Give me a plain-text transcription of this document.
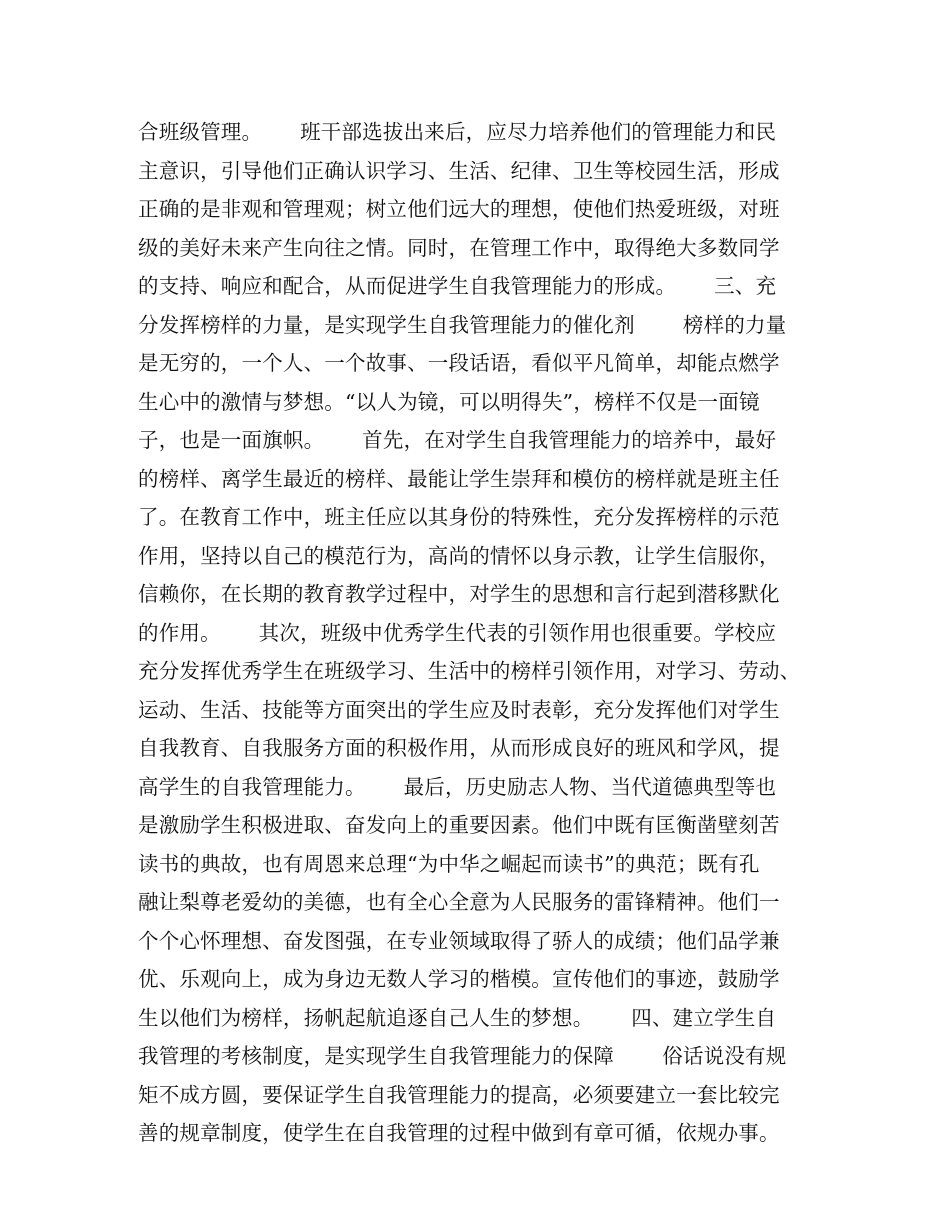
合班级管理。　　 班干部选拔出来后，应尽力培养他们的管理能力和民
主意识，引导他们正确认识学习、生活、纪律、卫生等校园生活，形成
正确的是非观和管理观；树立他们远大的理想，使他们热爱班级，对班
级的美好未来产生向往之情。同时，在管理工作中，取得绝大多数同学
的支持、响应和配合，从而促进学生自我管理能力的形成。　　 三、充
分发挥榜样的力量，是实现学生自我管理能力的催化剂　　 榜样的力量
是无穷的，一个人、一个故事、一段话语，看似平凡简单，却能点燃学
生心中的激情与梦想。“以人为镜，可以明得失”，榜样不仅是一面镜
子，也是一面旗帜。　　 首先，在对学生自我管理能力的培养中，最好
的榜样、离学生最近的榜样、最能让学生崇拜和模仿的榜样就是班主任
了。在教育工作中，班主任应以其身份的特殊性，充分发挥榜样的示范
作用，坚持以自己的模范行为，高尚的情怀以身示教，让学生信服你，
信赖你，在长期的教育教学过程中，对学生的思想和言行起到潜移默化
的作用。　　 其次，班级中优秀学生代表的引领作用也很重要。学校应
充分发挥优秀学生在班级学习、生活中的榜样引领作用，对学习、劳动、
运动、生活、技能等方面突出的学生应及时表彰，充分发挥他们对学生
自我教育、自我服务方面的积极作用，从而形成良好的班风和学风，提
高学生的自我管理能力。　　 最后，历史励志人物、当代道德典型等也
是激励学生积极进取、奋发向上的重要因素。他们中既有匡衡凿壁刻苦
读书的典故，也有周恩来总理“为中华之崛起而读书”的典范；既有孔
融让梨尊老爱幼的美德，也有全心全意为人民服务的雷锋精神。他们一
个个心怀理想、奋发图强，在专业领域取得了骄人的成绩；他们品学兼
优、乐观向上，成为身边无数人学习的楷模。宣传他们的事迹，鼓励学
生以他们为榜样，扬帆起航追逐自己人生的梦想。　　 四、建立学生自
我管理的考核制度，是实现学生自我管理能力的保障　　 俗话说没有规
矩不成方圆，要保证学生自我管理能力的提高，必须要建立一套比较完
善的规章制度，使学生在自我管理的过程中做到有章可循，依规办事。
